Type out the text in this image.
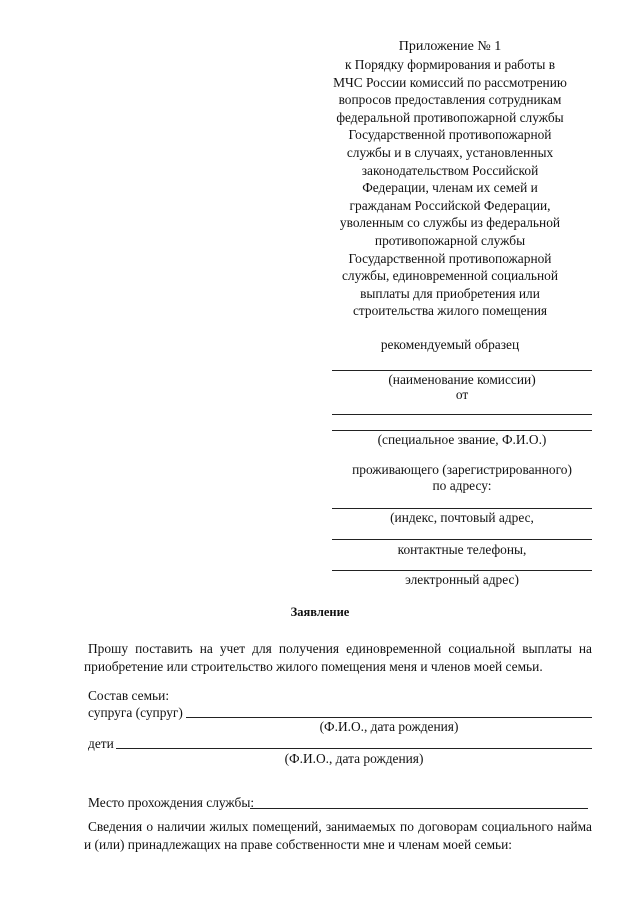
Приложение № 1
к Порядку формирования и работы в
МЧС России комиссий по рассмотрению
вопросов предоставления сотрудникам
федеральной противопожарной службы
Государственной противопожарной
службы и в случаях, установленных
законодательством Российской
Федерации, членам их семей и
гражданам Российской Федерации,
уволенным со службы из федеральной
противопожарной службы
Государственной противопожарной
службы, единовременной социальной
выплаты для приобретения или
строительства жилого помещения
рекомендуемый образец
(наименование комиссии)
от
(специальное звание, Ф.И.О.)
проживающего (зарегистрированного)
по адресу:
(индекс, почтовый адрес,
контактные телефоны,
электронный адрес)
Заявление
Прошу поставить на учет для получения единовременной социальной выплаты на приобретение или строительство жилого помещения меня и членов моей семьи.
Состав семьи:
супруга (супруг)
(Ф.И.О., дата рождения)
дети
(Ф.И.О., дата рождения)
Место прохождения службы:
Сведения о наличии жилых помещений, занимаемых по договорам социального найма и (или) принадлежащих на праве собственности мне и членам моей семьи:
